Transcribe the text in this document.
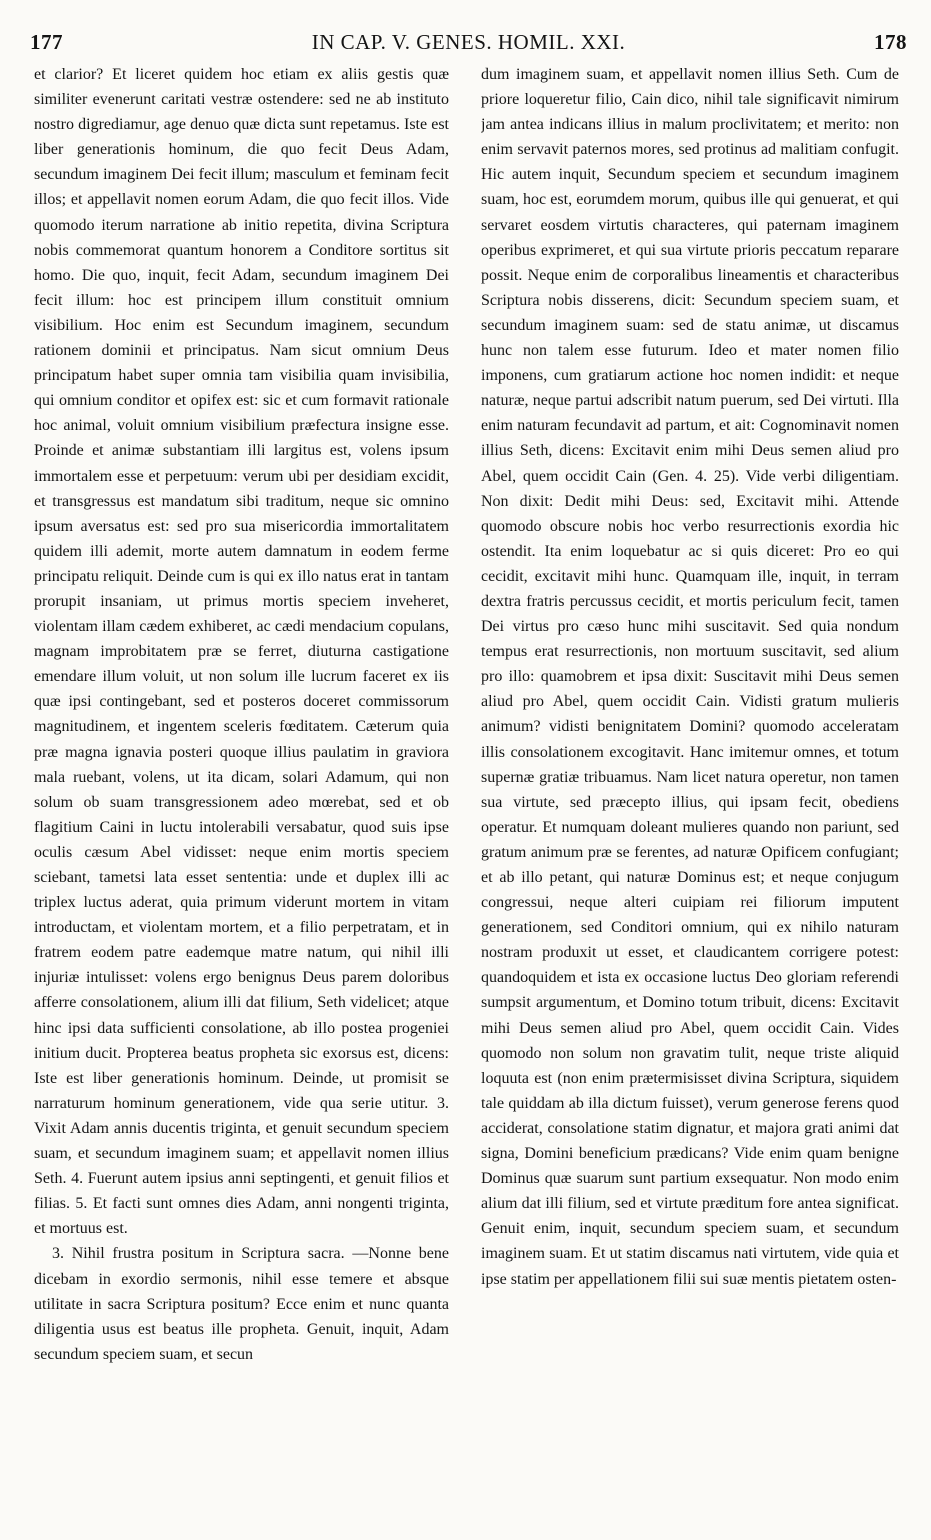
177	IN CAP. V. GENES. HOMIL. XXI.	178

et clarior? Et liceret quidem hoc etiam ex aliis gestis quæ similiter evenerunt caritati vestræ ostendere: sed ne ab instituto nostro digrediamur, age denuo quæ dicta sunt repetamus. Iste est liber generationis hominum, die quo fecit Deus Adam, secundum imaginem Dei fecit illum; masculum et feminam fecit illos; et appellavit nomen eorum Adam, die quo fecit illos. Vide quomodo iterum narratione ab initio repetita, divina Scriptura nobis commemorat quantum honorem a Conditore sortitus sit homo. Die quo, inquit, fecit Adam, secundum imaginem Dei fecit illum: hoc est principem illum constituit omnium visibilium. Hoc enim est Secundum imaginem, secundum rationem dominii et principatus. Nam sicut omnium Deus principatum habet super omnia tam visibilia quam invisibilia, qui omnium conditor et opifex est: sic et cum formavit rationale hoc animal, voluit omnium visibilium præfectura insigne esse. Proinde et animæ substantiam illi largitus est, volens ipsum immortalem esse et perpetuum: verum ubi per desidiam excidit, et transgressus est mandatum sibi traditum, neque sic omnino ipsum aversatus est: sed pro sua misericordia immortalitatem quidem illi ademit, morte autem damnatum in eodem ferme principatu reliquit. Deinde cum is qui ex illo natus erat in tantam prorupit insaniam, ut primus mortis speciem inveheret, violentam illam cædem exhiberet, ac cædi mendacium copulans, magnam improbitatem præ se ferret, diuturna castigatione emendare illum voluit, ut non solum ille lucrum faceret ex iis quæ ipsi contingebant, sed et posteros doceret commissorum magnitudinem, et ingentem sceleris fœditatem. Cæterum quia præ magna ignavia posteri quoque illius paulatim in graviora mala ruebant, volens, ut ita dicam, solari Adamum, qui non solum ob suam transgressionem adeo mœrebat, sed et ob flagitium Caini in luctu intolerabili versabatur, quod suis ipse oculis cæsum Abel vidisset: neque enim mortis speciem sciebant, tametsi lata esset sententia: unde et duplex illi ac triplex luctus aderat, quia primum viderunt mortem in vitam introductam, et violentam mortem, et a filio perpetratam, et in fratrem eodem patre eademque matre natum, qui nihil illi injuriæ intulisset: volens ergo benignus Deus parem doloribus afferre consolationem, alium illi dat filium, Seth videlicet; atque hinc ipsi data sufficienti consolatione, ab illo postea progeniei initium ducit. Propterea beatus propheta sic exorsus est, dicens: Iste est liber generationis hominum. Deinde, ut promisit se narraturum hominum generationem, vide qua serie utitur. 3. Vixit Adam annis ducentis triginta, et genuit secundum speciem suam, et secundum imaginem suam; et appellavit nomen illius Seth. 4. Fuerunt autem ipsius anni septingenti, et genuit filios et filias. 5. Et facti sunt omnes dies Adam, anni nongenti triginta, et mortuus est.

3. Nihil frustra positum in Scriptura sacra. —Nonne bene dicebam in exordio sermonis, nihil esse temere et absque utilitate in sacra Scriptura positum? Ecce enim et nunc quanta diligentia usus est beatus ille propheta. Genuit, inquit, Adam secundum speciem suam, et secun

dum imaginem suam, et appellavit nomen illius Seth. Cum de priore loqueretur filio, Cain dico, nihil tale significavit nimirum jam antea indicans illius in malum proclivitatem; et merito: non enim servavit paternos mores, sed protinus ad malitiam confugit. Hic autem inquit, Secundum speciem et secundum imaginem suam, hoc est, eorumdem morum, quibus ille qui genuerat, et qui servaret eosdem virtutis characteres, qui paternam imaginem operibus exprimeret, et qui sua virtute prioris peccatum reparare possit. Neque enim de corporalibus lineamentis et characteribus Scriptura nobis disserens, dicit: Secundum speciem suam, et secundum imaginem suam: sed de statu animæ, ut discamus hunc non talem esse futurum. Ideo et mater nomen filio imponens, cum gratiarum actione hoc nomen indidit: et neque naturæ, neque partui adscribit natum puerum, sed Dei virtuti. Illa enim naturam fecundavit ad partum, et ait: Cognominavit nomen illius Seth, dicens: Excitavit enim mihi Deus semen aliud pro Abel, quem occidit Cain (Gen. 4. 25). Vide verbi diligentiam. Non dixit: Dedit mihi Deus: sed, Excitavit mihi. Attende quomodo obscure nobis hoc verbo resurrectionis exordia hic ostendit. Ita enim loquebatur ac si quis diceret: Pro eo qui cecidit, excitavit mihi hunc. Quamquam ille, inquit, in terram dextra fratris percussus cecidit, et mortis periculum fecit, tamen Dei virtus pro cæso hunc mihi suscitavit. Sed quia nondum tempus erat resurrectionis, non mortuum suscitavit, sed alium pro illo: quamobrem et ipsa dixit: Suscitavit mihi Deus semen aliud pro Abel, quem occidit Cain. Vidisti gratum mulieris animum? vidisti benignitatem Domini? quomodo acceleratam illis consolationem excogitavit. Hanc imitemur omnes, et totum supernæ gratiæ tribuamus. Nam licet natura operetur, non tamen sua virtute, sed præcepto illius, qui ipsam fecit, obediens operatur. Et numquam doleant mulieres quando non pariunt, sed gratum animum præ se ferentes, ad naturæ Opificem confugiant; et ab illo petant, qui naturæ Dominus est; et neque conjugum congressui, neque alteri cuipiam rei filiorum imputent generationem, sed Conditori omnium, qui ex nihilo naturam nostram produxit ut esset, et claudicantem corrigere potest: quandoquidem et ista ex occasione luctus Deo gloriam referendi sumpsit argumentum, et Domino totum tribuit, dicens: Excitavit mihi Deus semen aliud pro Abel, quem occidit Cain. Vides quomodo non solum non gravatim tulit, neque triste aliquid loquuta est (non enim prætermisisset divina Scriptura, siquidem tale quiddam ab illa dictum fuisset), verum generose ferens quod acciderat, consolatione statim dignatur, et majora grati animi dat signa, Domini beneficium prædicans? Vide enim quam benigne Dominus quæ suarum sunt partium exsequatur. Non modo enim alium dat illi filium, sed et virtute præditum fore antea significat. Genuit enim, inquit, secundum speciem suam, et secundum imaginem suam. Et ut statim discamus nati virtutem, vide quia et ipse statim per appellationem filii sui suæ mentis pietatem osten-
